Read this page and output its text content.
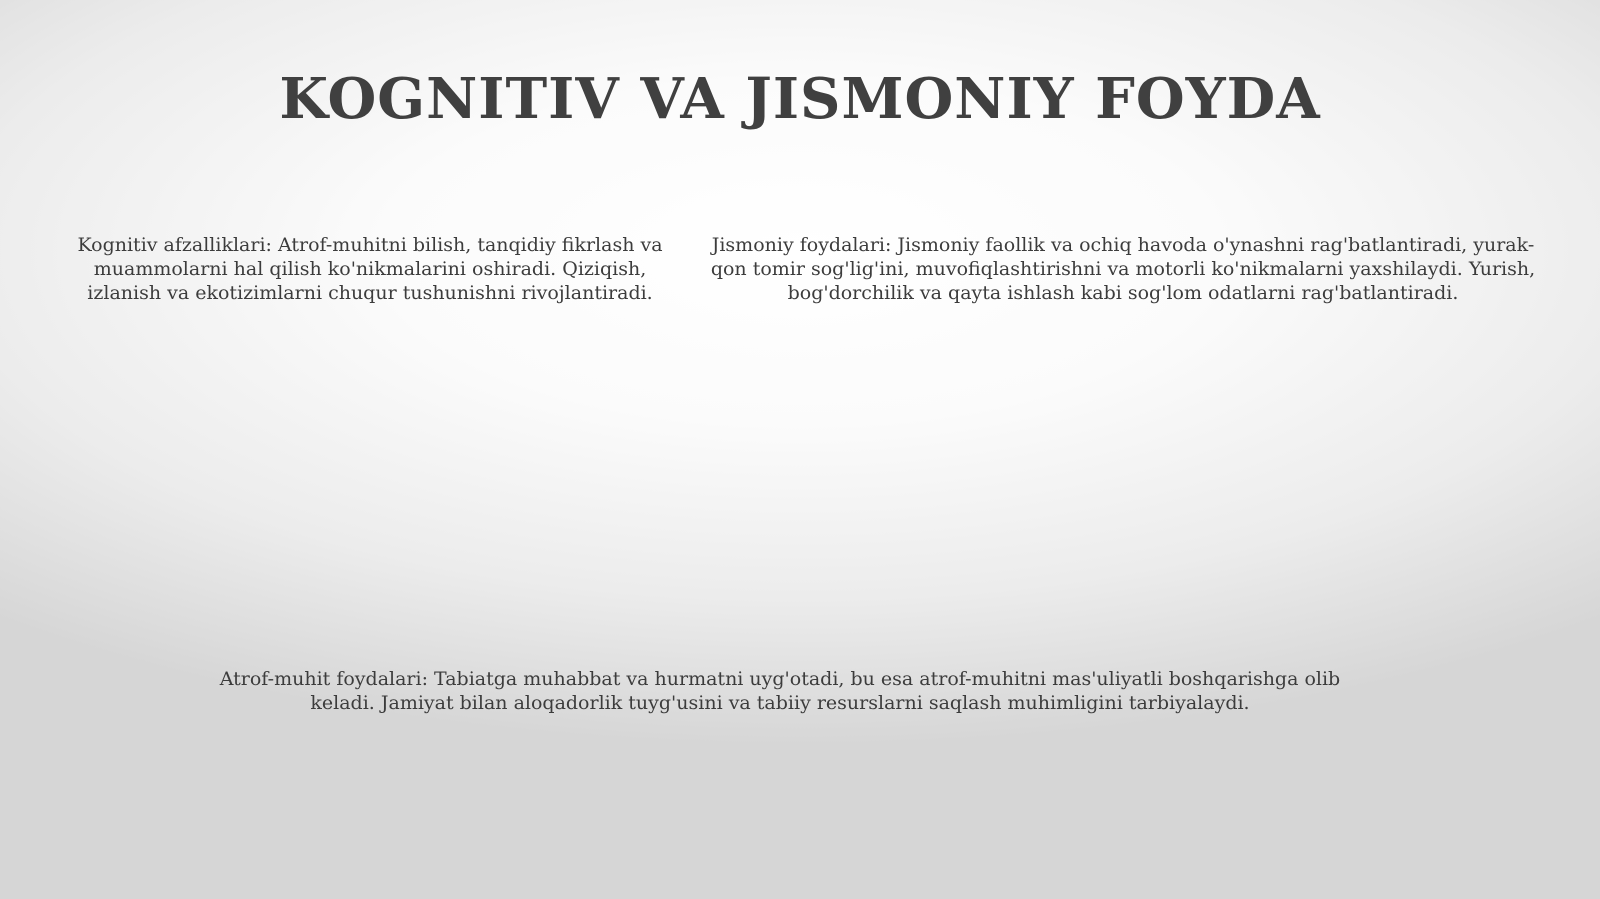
KOGNITIV VA JISMONIY FOYDA

Kognitiv afzalliklari: Atrof-muhitni bilish, tanqidiy fikrlash va muammolarni hal qilish ko'nikmalarini oshiradi. Qiziqish, izlanish va ekotizimlarni chuqur tushunishni rivojlantiradi.

Jismoniy foydalari: Jismoniy faollik va ochiq havoda o'ynashni rag'batlantiradi, yurak-qon tomir sog'lig'ini, muvofiqlashtirishni va motorli ko'nikmalarni yaxshilaydi. Yurish, bog'dorchilik va qayta ishlash kabi sog'lom odatlarni rag'batlantiradi.

Atrof-muhit foydalari: Tabiatga muhabbat va hurmatni uyg'otadi, bu esa atrof-muhitni mas'uliyatli boshqarishga olib keladi. Jamiyat bilan aloqadorlik tuyg'usini va tabiiy resurslarni saqlash muhimligini tarbiyalaydi.
